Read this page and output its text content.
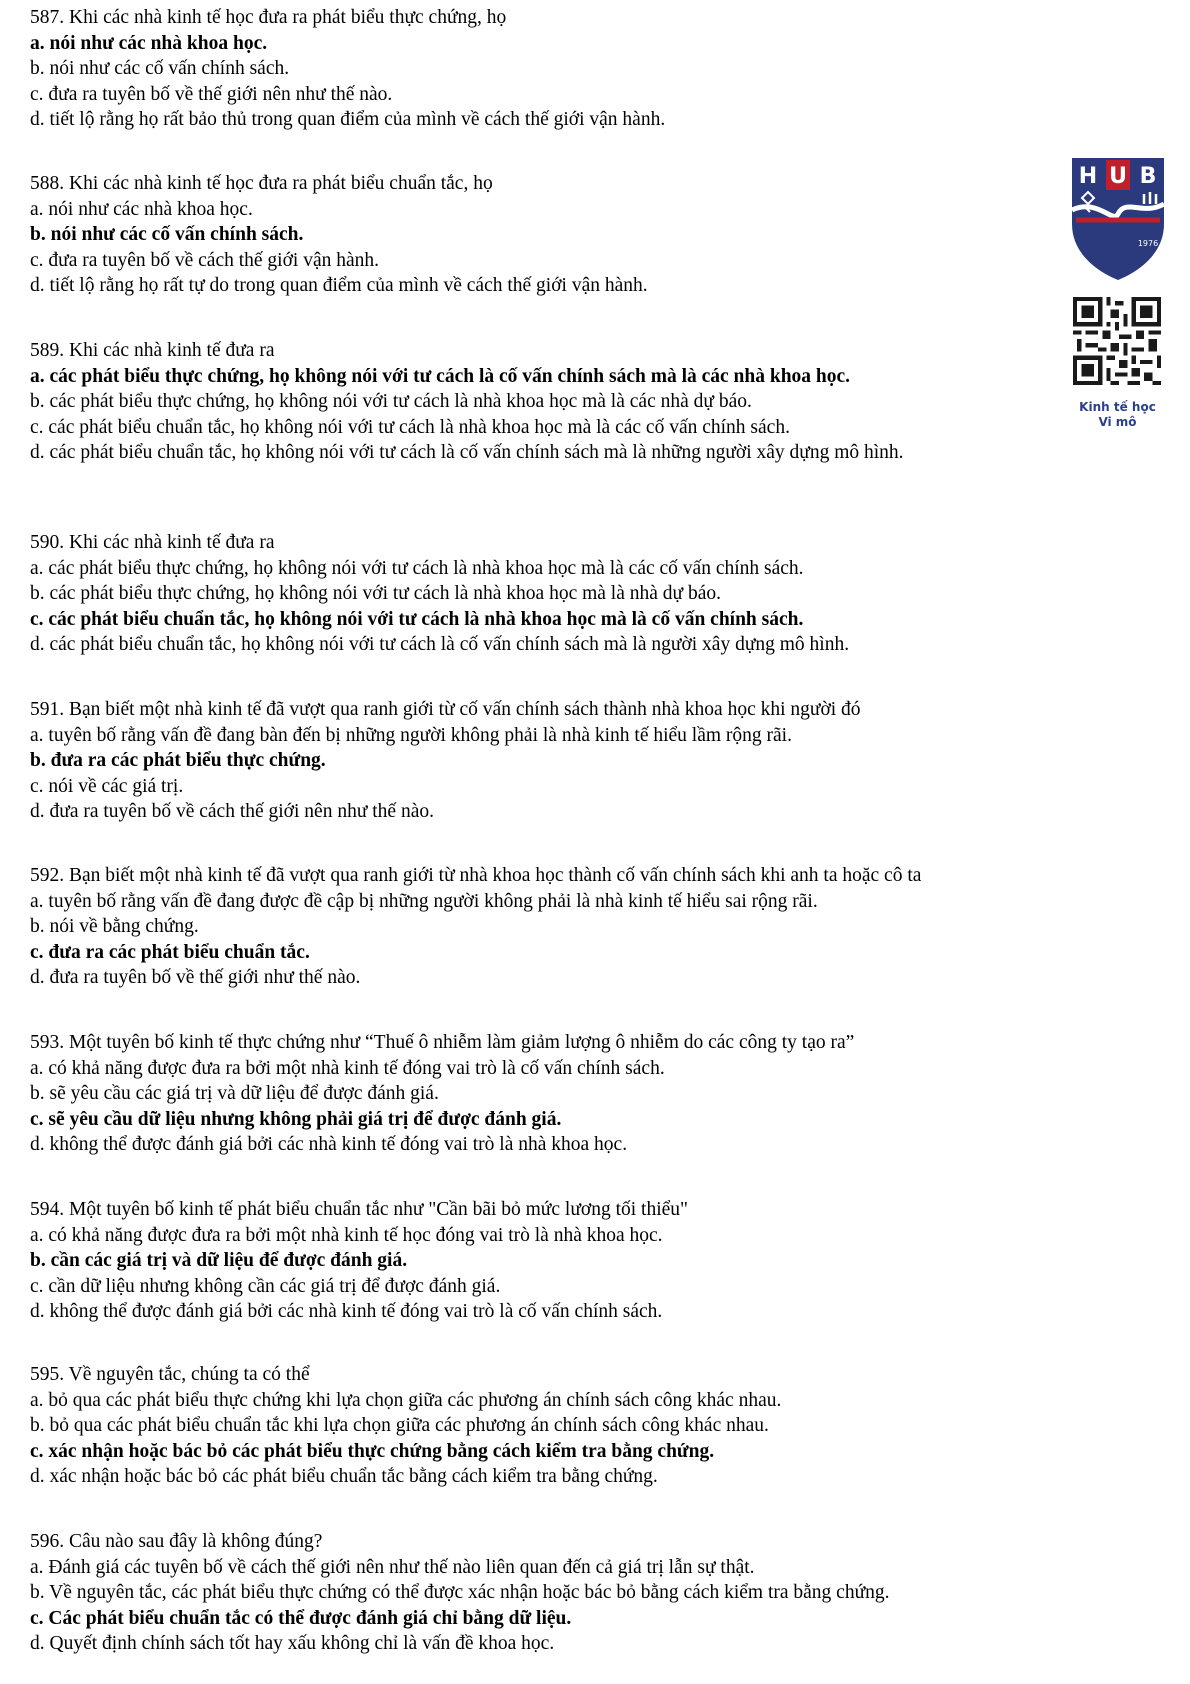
587. Khi các nhà kinh tế học đưa ra phát biểu thực chứng, họ
a. nói như các nhà khoa học.
b. nói như các cố vấn chính sách.
c. đưa ra tuyên bố về thế giới nên như thế nào.
d. tiết lộ rằng họ rất bảo thủ trong quan điểm của mình về cách thế giới vận hành.
588. Khi các nhà kinh tế học đưa ra phát biểu chuẩn tắc, họ
a. nói như các nhà khoa học.
b. nói như các cố vấn chính sách.
c. đưa ra tuyên bố về cách thế giới vận hành.
d. tiết lộ rằng họ rất tự do trong quan điểm của mình về cách thế giới vận hành.
589. Khi các nhà kinh tế đưa ra
a. các phát biểu thực chứng, họ không nói với tư cách là cố vấn chính sách mà là các nhà khoa học.
b. các phát biểu thực chứng, họ không nói với tư cách là nhà khoa học mà là các nhà dự báo.
c. các phát biểu chuẩn tắc, họ không nói với tư cách là nhà khoa học mà là các cố vấn chính sách.
d. các phát biểu chuẩn tắc, họ không nói với tư cách là cố vấn chính sách mà là những người xây dựng mô hình.
590. Khi các nhà kinh tế đưa ra
a. các phát biểu thực chứng, họ không nói với tư cách là nhà khoa học mà là các cố vấn chính sách.
b. các phát biểu thực chứng, họ không nói với tư cách là nhà khoa học mà là nhà dự báo.
c. các phát biểu chuẩn tắc, họ không nói với tư cách là nhà khoa học mà là cố vấn chính sách.
d. các phát biểu chuẩn tắc, họ không nói với tư cách là cố vấn chính sách mà là người xây dựng mô hình.
591. Bạn biết một nhà kinh tế đã vượt qua ranh giới từ cố vấn chính sách thành nhà khoa học khi người đó
a. tuyên bố rằng vấn đề đang bàn đến bị những người không phải là nhà kinh tế hiểu lầm rộng rãi.
b. đưa ra các phát biểu thực chứng.
c. nói về các giá trị.
d. đưa ra tuyên bố về cách thế giới nên như thế nào.
592. Bạn biết một nhà kinh tế đã vượt qua ranh giới từ nhà khoa học thành cố vấn chính sách khi anh ta hoặc cô ta
a. tuyên bố rằng vấn đề đang được đề cập bị những người không phải là nhà kinh tế hiểu sai rộng rãi.
b. nói về bằng chứng.
c. đưa ra các phát biểu chuẩn tắc.
d. đưa ra tuyên bố về thế giới như thế nào.
593. Một tuyên bố kinh tế thực chứng như “Thuế ô nhiễm làm giảm lượng ô nhiễm do các công ty tạo ra”
a. có khả năng được đưa ra bởi một nhà kinh tế đóng vai trò là cố vấn chính sách.
b. sẽ yêu cầu các giá trị và dữ liệu để được đánh giá.
c. sẽ yêu cầu dữ liệu nhưng không phải giá trị để được đánh giá.
d. không thể được đánh giá bởi các nhà kinh tế đóng vai trò là nhà khoa học.
594. Một tuyên bố kinh tế phát biểu chuẩn tắc như "Cần bãi bỏ mức lương tối thiểu"
a. có khả năng được đưa ra bởi một nhà kinh tế học đóng vai trò là nhà khoa học.
b. cần các giá trị và dữ liệu để được đánh giá.
c. cần dữ liệu nhưng không cần các giá trị để được đánh giá.
d. không thể được đánh giá bởi các nhà kinh tế đóng vai trò là cố vấn chính sách.
595. Về nguyên tắc, chúng ta có thể
a. bỏ qua các phát biểu thực chứng khi lựa chọn giữa các phương án chính sách công khác nhau.
b. bỏ qua các phát biểu chuẩn tắc khi lựa chọn giữa các phương án chính sách công khác nhau.
c. xác nhận hoặc bác bỏ các phát biểu thực chứng bằng cách kiểm tra bằng chứng.
d. xác nhận hoặc bác bỏ các phát biểu chuẩn tắc bằng cách kiểm tra bằng chứng.
596. Câu nào sau đây là không đúng?
a. Đánh giá các tuyên bố về cách thế giới nên như thế nào liên quan đến cả giá trị lẫn sự thật.
b. Về nguyên tắc, các phát biểu thực chứng có thể được xác nhận hoặc bác bỏ bằng cách kiểm tra bằng chứng.
c. Các phát biểu chuẩn tắc có thể được đánh giá chỉ bằng dữ liệu.
d. Quyết định chính sách tốt hay xấu không chỉ là vấn đề khoa học.
H U B
1976
Kinh tế học
Vi mô
